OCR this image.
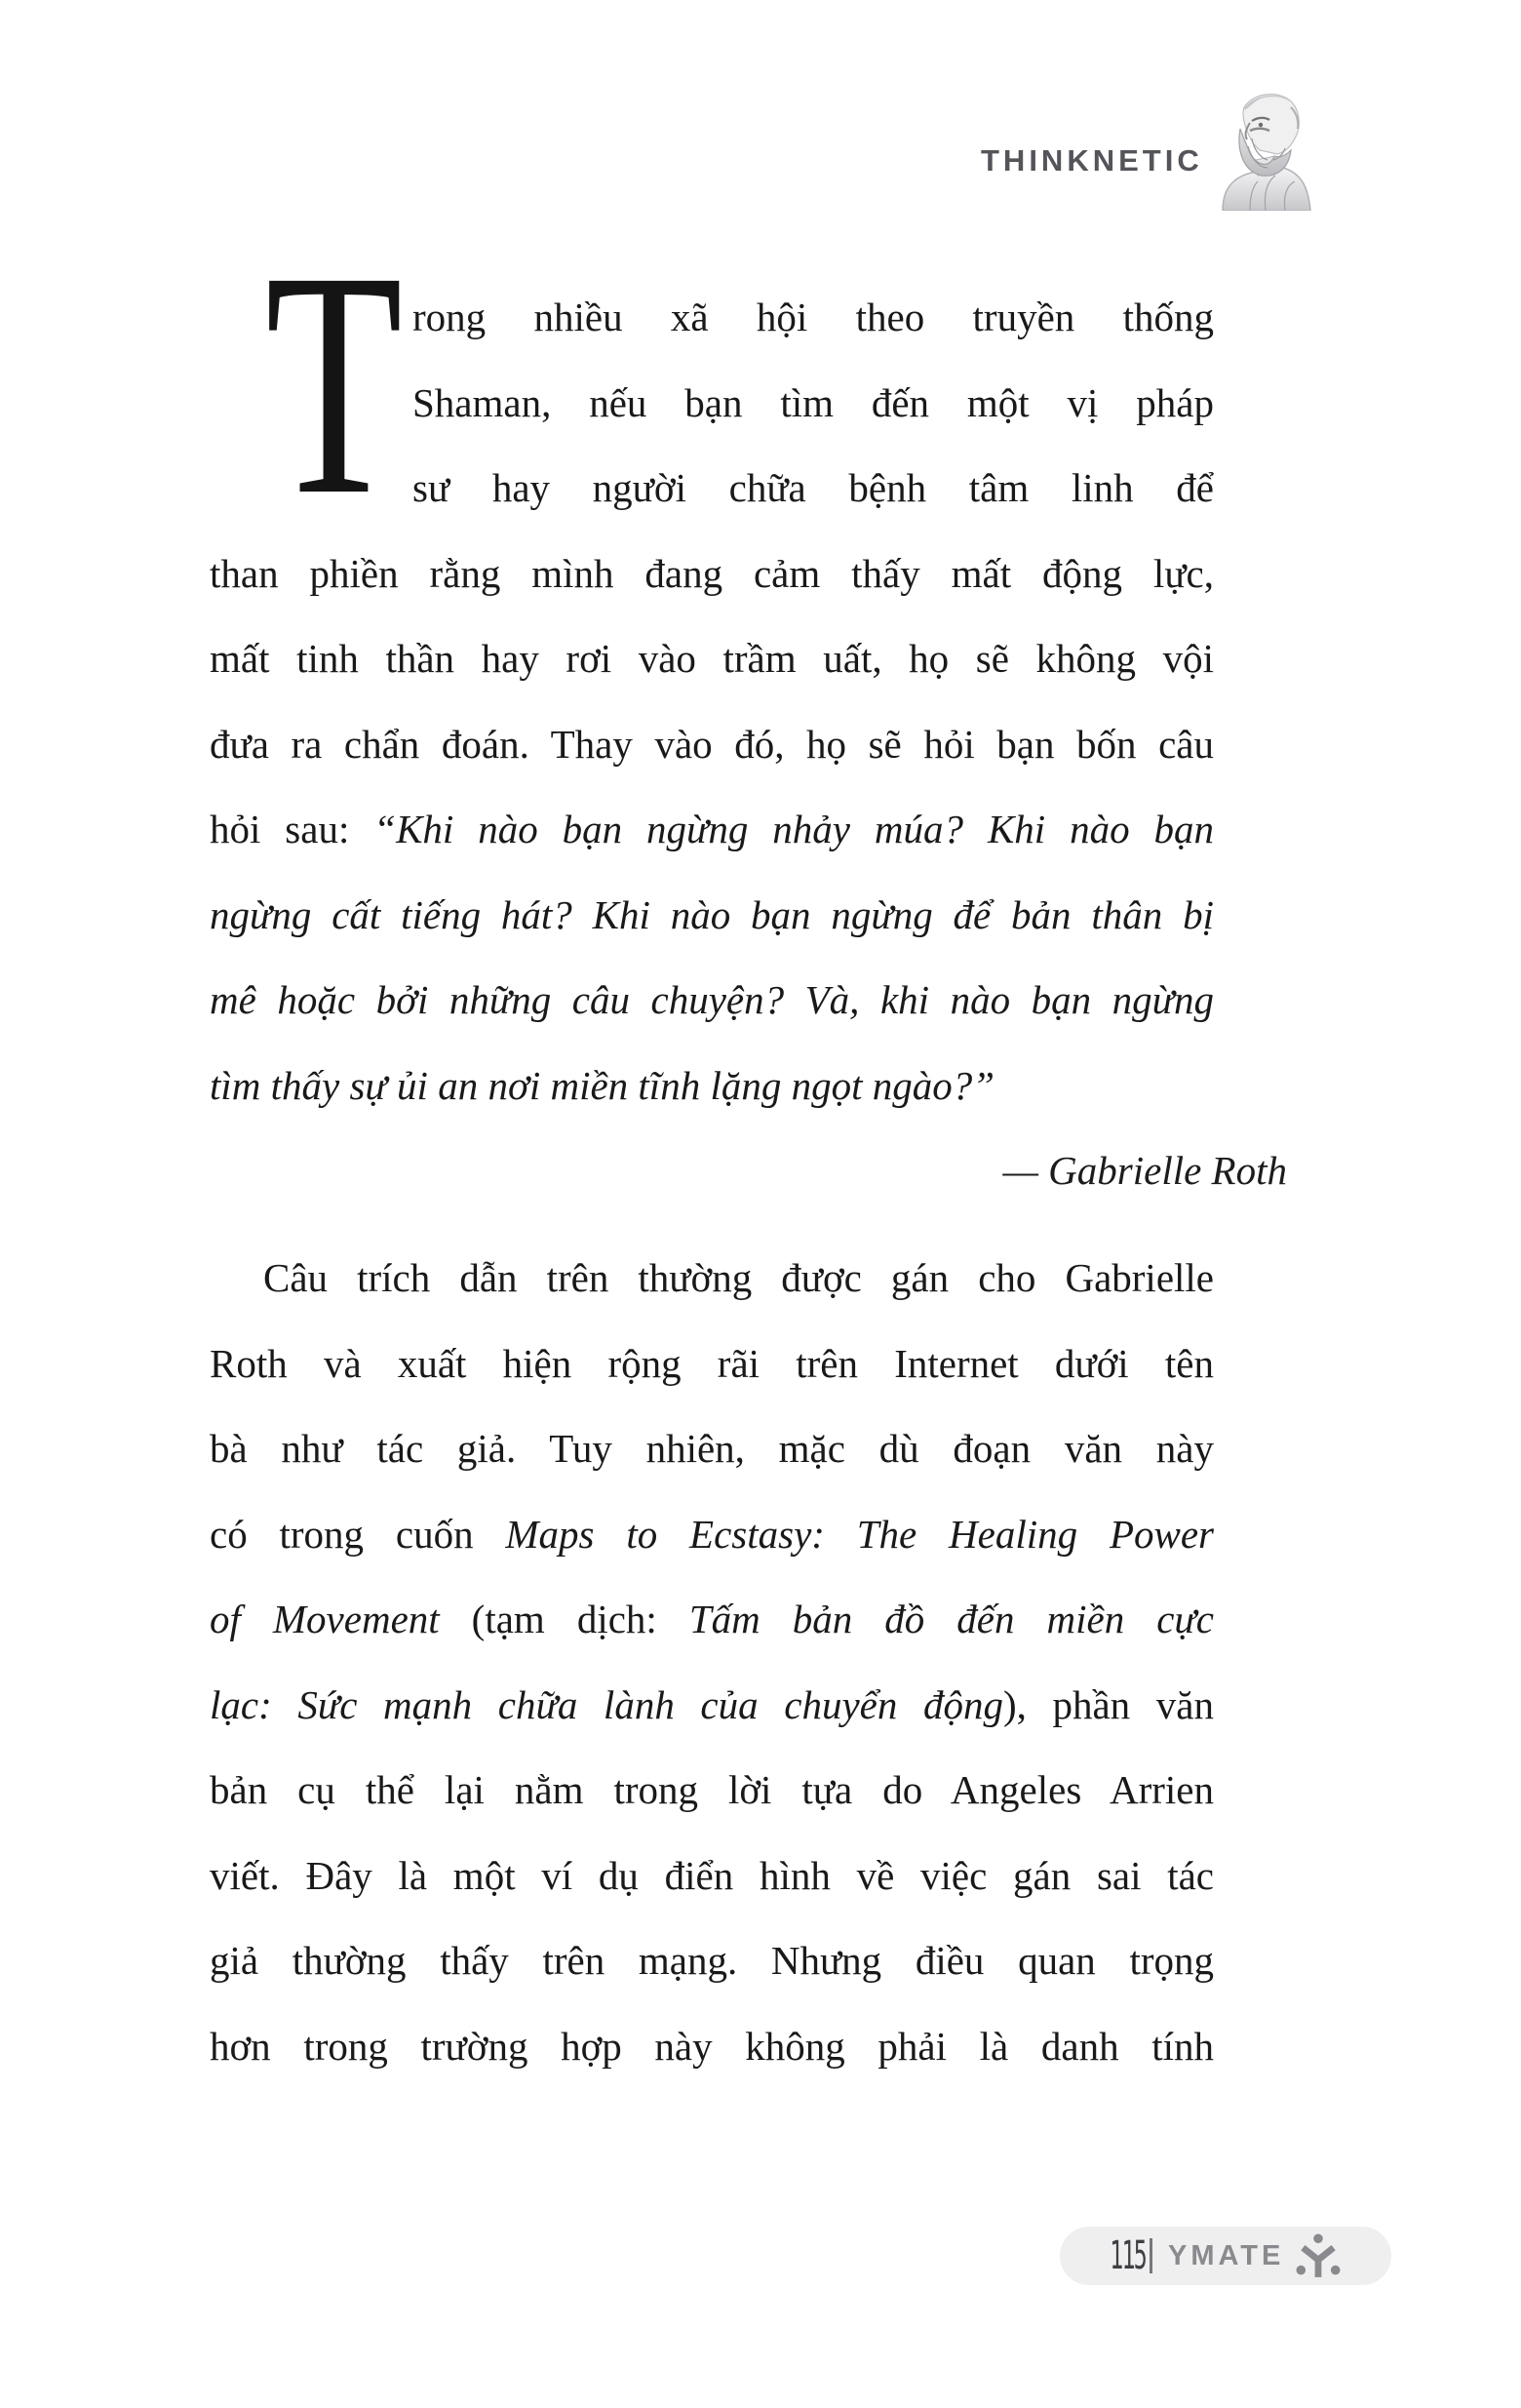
THINKNETIC
T rong nhiều xã hội theo truyền thống
Shaman, nếu bạn tìm đến một vị pháp
sư hay người chữa bệnh tâm linh để
than phiền rằng mình đang cảm thấy mất động lực,
mất tinh thần hay rơi vào trầm uất, họ sẽ không vội
đưa ra chẩn đoán. Thay vào đó, họ sẽ hỏi bạn bốn câu
hỏi sau: “Khi nào bạn ngừng nhảy múa? Khi nào bạn
ngừng cất tiếng hát? Khi nào bạn ngừng để bản thân bị
mê hoặc bởi những câu chuyện? Và, khi nào bạn ngừng
tìm thấy sự ủi an nơi miền tĩnh lặng ngọt ngào?”
— Gabrielle Roth
Câu trích dẫn trên thường được gán cho Gabrielle
Roth và xuất hiện rộng rãi trên Internet dưới tên
bà như tác giả. Tuy nhiên, mặc dù đoạn văn này
có trong cuốn Maps to Ecstasy: The Healing Power
of Movement (tạm dịch: Tấm bản đồ đến miền cực
lạc: Sức mạnh chữa lành của chuyển động), phần văn
bản cụ thể lại nằm trong lời tựa do Angeles Arrien
viết. Đây là một ví dụ điển hình về việc gán sai tác
giả thường thấy trên mạng. Nhưng điều quan trọng
hơn trong trường hợp này không phải là danh tính
115 YMATE
